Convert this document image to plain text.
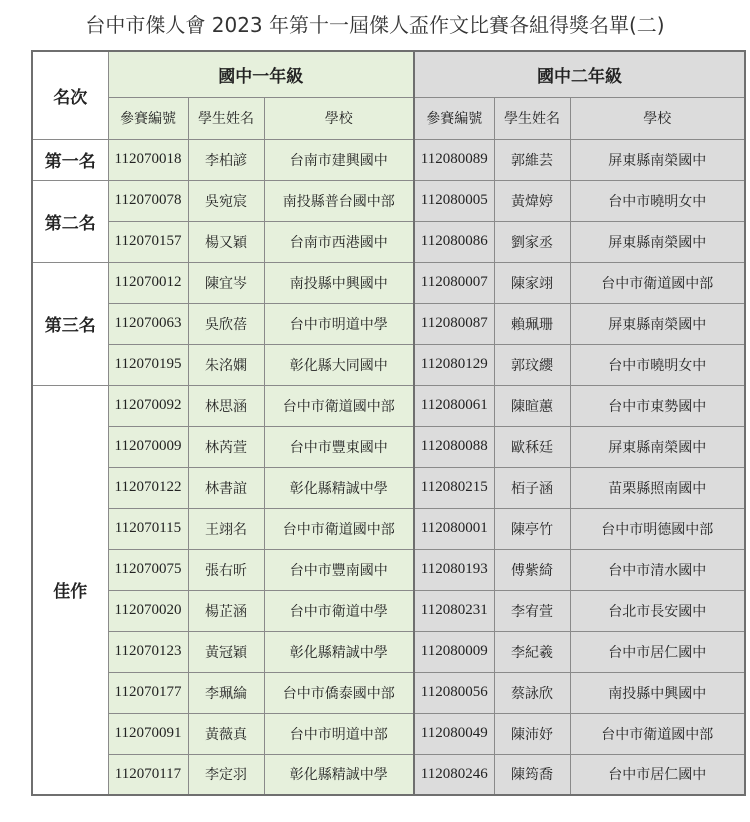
台中市傑人會 2023 年第十一屆傑人盃作文比賽各組得獎名單(二)
名次	國中一年級			國中二年級		
	參賽編號	學生姓名	學校	參賽編號	學生姓名	學校
第一名	112070018	李柏諺	台南市建興國中	112080089	郭維芸	屏東縣南榮國中
第二名	112070078	吳宛宸	南投縣普台國中部	112080005	黃煒婷	台中市曉明女中
	112070157	楊又穎	台南市西港國中	112080086	劉家丞	屏東縣南榮國中
第三名	112070012	陳宜岑	南投縣中興國中	112080007	陳家翊	台中市衛道國中部
	112070063	吳欣蓓	台中市明道中學	112080087	賴珮珊	屏東縣南榮國中
	112070195	朱洺嫻	彰化縣大同國中	112080129	郭玟纓	台中市曉明女中
佳作	112070092	林思涵	台中市衛道國中部	112080061	陳暄蕙	台中市東勢國中
	112070009	林芮萱	台中市豐東國中	112080088	歐秝廷	屏東縣南榮國中
	112070122	林書誼	彰化縣精誠中學	112080215	栢子涵	苗栗縣照南國中
	112070115	王翊名	台中市衛道國中部	112080001	陳亭竹	台中市明德國中部
	112070075	張右昕	台中市豐南國中	112080193	傅紫綺	台中市清水國中
	112070020	楊芷涵	台中市衛道中學	112080231	李宥萱	台北市長安國中
	112070123	黃冠穎	彰化縣精誠中學	112080009	李紀羲	台中市居仁國中
	112070177	李珮綸	台中市僑泰國中部	112080056	蔡詠欣	南投縣中興國中
	112070091	黃薇真	台中市明道中部	112080049	陳沛妤	台中市衛道國中部
	112070117	李定羽	彰化縣精誠中學	112080246	陳筠喬	台中市居仁國中
